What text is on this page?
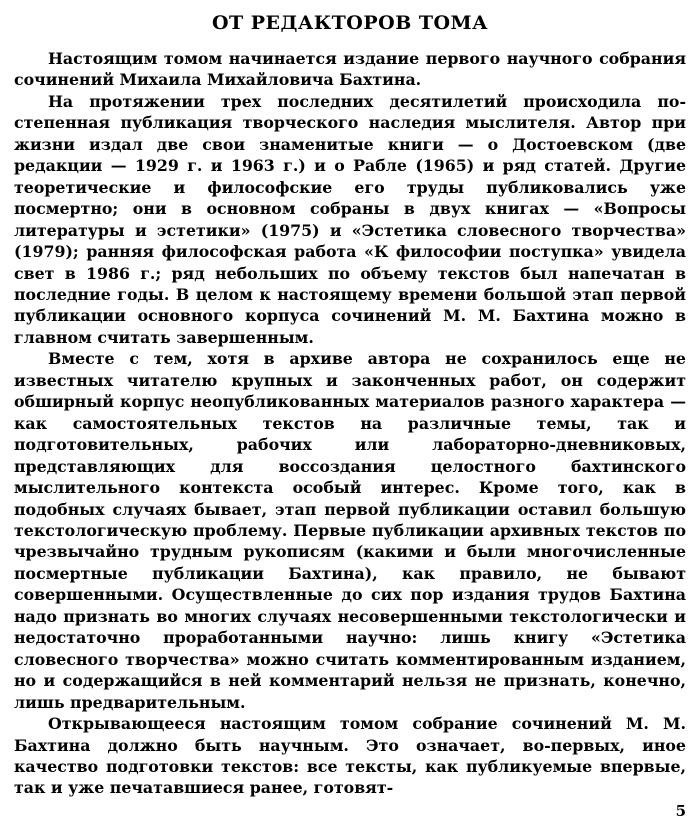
ОТ РЕДАКТОРОВ ТОМА

Настоящим томом начинается издание первого научного собрания сочинений Михаила Михайловича Бахтина.

На протяжении трех последних десятилетий происходила постепенная публикация творческого наследия мыслителя. Автор при жизни издал две свои знаменитые книги — о Достоевском (две редакции — 1929 г. и 1963 г.) и о Рабле (1965) и ряд статей. Другие теоретические и философские его труды публиковались уже посмертно; они в основном собраны в двух книгах — «Вопросы литературы и эстетики» (1975) и «Эстетика словесного творчества» (1979); ранняя философская работа «К философии поступка» увидела свет в 1986 г.; ряд небольших по объему текстов был напечатан в последние годы. В целом к настоящему времени большой этап первой публикации основного корпуса сочинений М. М. Бахтина можно в главном считать завершенным.

Вместе с тем, хотя в архиве автора не сохранилось еще не известных читателю крупных и законченных работ, он содержит обширный корпус неопубликованных материалов разного характера — как самостоятельных текстов на различные темы, так и подготовительных, рабочих или лабораторно-дневниковых, представляющих для воссоздания целостного бахтинского мыслительного контекста особый интерес. Кроме того, как в подобных случаях бывает, этап первой публикации оставил большую текстологическую проблему. Первые публикации архивных текстов по чрезвычайно трудным рукописям (какими и были многочисленные посмертные публикации Бахтина), как правило, не бывают совершенными. Осуществленные до сих пор издания трудов Бахтина надо признать во многих случаях несовершенными текстологически и недостаточно проработанными научно: лишь книгу «Эстетика словесного творчества» можно считать комментированным изданием, но и содержащийся в ней комментарий нельзя не признать, конечно, лишь предварительным.

Открывающееся настоящим томом собрание сочинений М. М. Бахтина должно быть научным. Это означает, во-первых, иное качество подготовки текстов: все тексты, как публикуемые впервые, так и уже печатавшиеся ранее, готовят-

5
